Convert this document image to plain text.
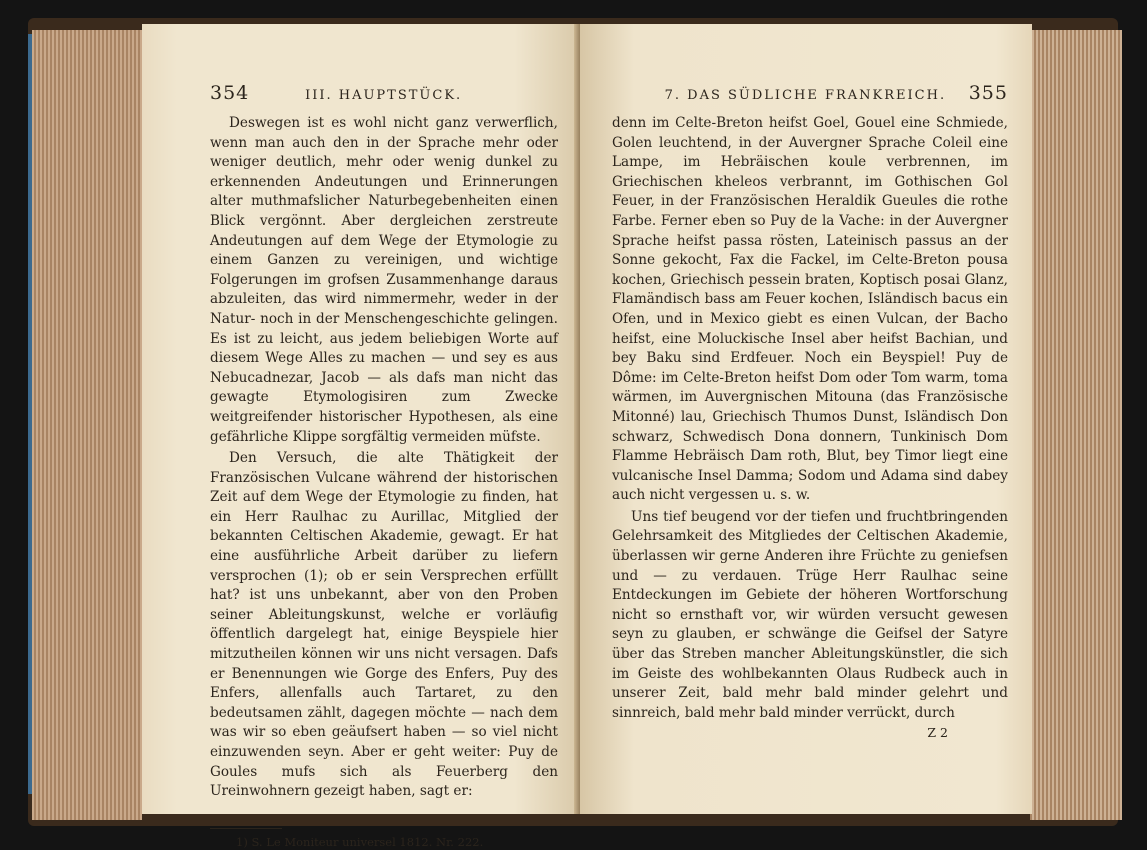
354	III. HAUPTSTÜCK.

Deswegen ist es wohl nicht ganz verwerflich, wenn man auch den in der Sprache mehr oder weniger deutlich, mehr oder wenig dunkel zu erkennenden Andeutungen und Erinnerungen alter muthmafslicher Naturbegebenheiten einen Blick vergönnt. Aber dergleichen zerstreute Andeutungen auf dem Wege der Etymologie zu einem Ganzen zu vereinigen, und wichtige Folgerungen im grofsen Zusammenhange daraus abzuleiten, das wird nimmermehr, weder in der Natur- noch in der Menschengeschichte gelingen. Es ist zu leicht, aus jedem beliebigen Worte auf diesem Wege Alles zu machen — und sey es aus Nebucadnezar, Jacob — als dafs man nicht das gewagte Etymologisiren zum Zwecke weitgreifender historischer Hypothesen, als eine gefährliche Klippe sorgfältig vermeiden müfste.

Den Versuch, die alte Thätigkeit der Französischen Vulcane während der historischen Zeit auf dem Wege der Etymologie zu finden, hat ein Herr Raulhac zu Aurillac, Mitglied der bekannten Celtischen Akademie, gewagt. Er hat eine ausführliche Arbeit darüber zu liefern versprochen (1); ob er sein Versprechen erfüllt hat? ist uns unbekannt, aber von den Proben seiner Ableitungskunst, welche er vorläufig öffentlich dargelegt hat, einige Beyspiele hier mitzutheilen können wir uns nicht versagen. Dafs er Benennungen wie Gorge des Enfers, Puy des Enfers, allenfalls auch Tartaret, zu den bedeutsamen zählt, dagegen möchte — nach dem was wir so eben geäufsert haben — so viel nicht einzuwenden seyn. Aber er geht weiter: Puy de Goules mufs sich als Feuerberg den Ureinwohnern gezeigt haben, sagt er:

1) S. Le Moniteur universel 1812. Nr. 222.
7. DAS SÜDLICHE FRANKREICH. 355

denn im Celte-Breton heifst Goel, Gouel eine Schmiede, Golen leuchtend, in der Auvergner Sprache Coleil eine Lampe, im Hebräischen koule verbrennen, im Griechischen kheleos verbrannt, im Gothischen Gol Feuer, in der Französischen Heraldik Gueules die rothe Farbe. Ferner eben so Puy de la Vache: in der Auvergner Sprache heifst passa rösten, Lateinisch passus an der Sonne gekocht, Fax die Fackel, im Celte-Breton pousa kochen, Griechisch pessein braten, Koptisch posai Glanz, Flamändisch bass am Feuer kochen, Isländisch bacus ein Ofen, und in Mexico giebt es einen Vulcan, der Bacho heifst, eine Moluckische Insel aber heifst Bachian, und bey Baku sind Erdfeuer. Noch ein Beyspiel! Puy de Dôme: im Celte-Breton heifst Dom oder Tom warm, toma wärmen, im Auvergnischen Mitouna (das Französische Mitonné) lau, Griechisch Thumos Dunst, Isländisch Don schwarz, Schwedisch Dona donnern, Tunkinisch Dom Flamme Hebräisch Dam roth, Blut, bey Timor liegt eine vulcanische Insel Damma; Sodom und Adama sind dabey auch nicht vergessen u. s. w.

Uns tief beugend vor der tiefen und fruchtbringenden Gelehrsamkeit des Mitgliedes der Celtischen Akademie, überlassen wir gerne Anderen ihre Früchte zu geniefsen und — zu verdauen. Trüge Herr Raulhac seine Entdeckungen im Gebiete der höheren Wortforschung nicht so ernsthaft vor, wir würden versucht gewesen seyn zu glauben, er schwänge die Geifsel der Satyre über das Streben mancher Ableitungskünstler, die sich im Geiste des wohlbekannten Olaus Rudbeck auch in unserer Zeit, bald mehr bald minder gelehrt und sinnreich, bald mehr bald minder verrückt, durch

Z 2
